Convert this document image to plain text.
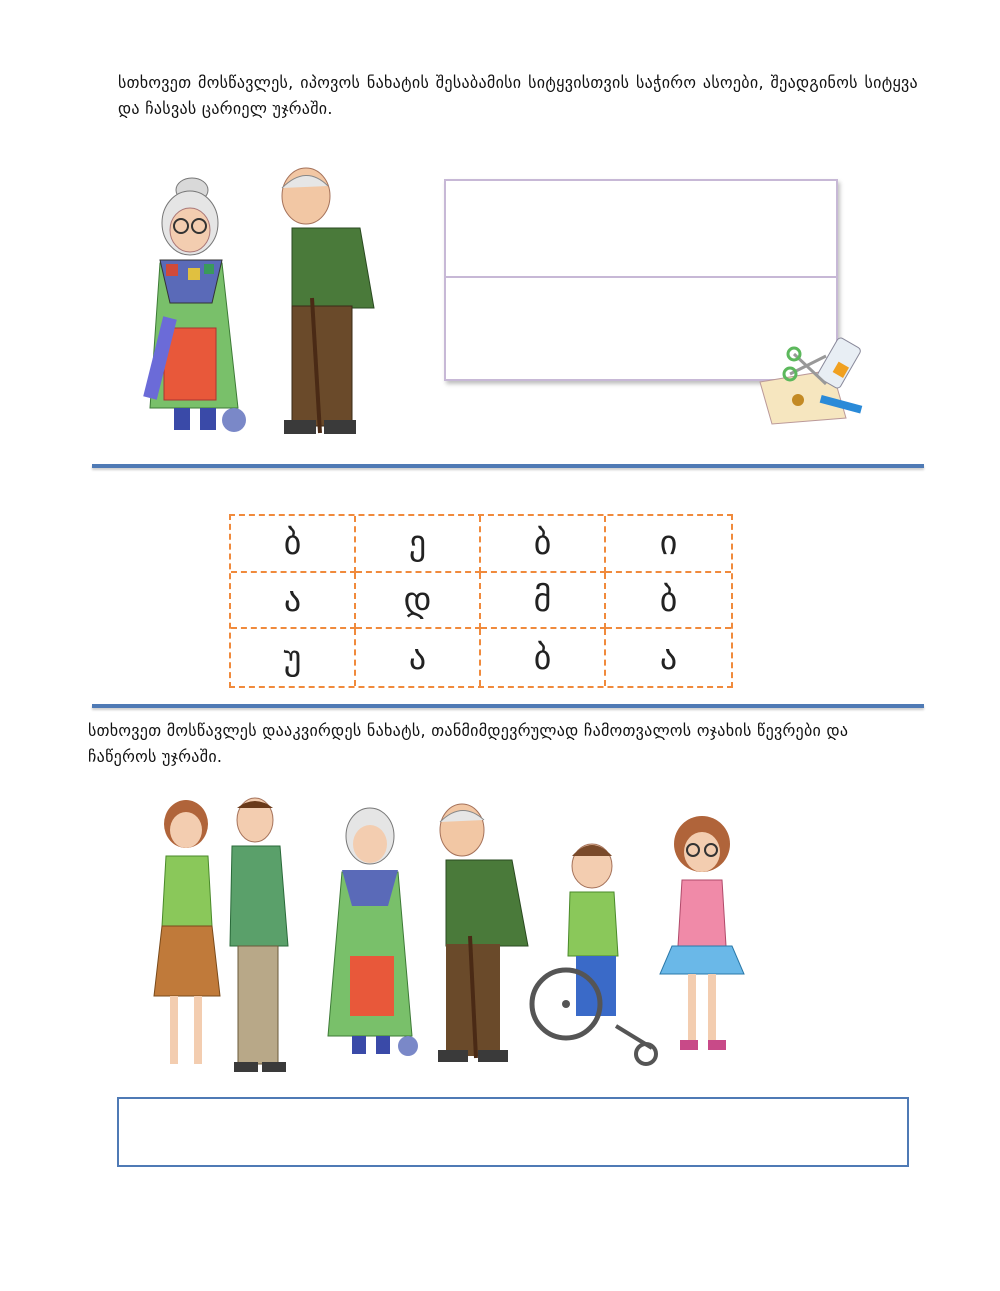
სთხოვეთ მოსწავლეს, იპოვოს ნახატის შესაბამისი სიტყვისთვის საჭირო ასოები, შეადგინოს სიტყვა და ჩასვას ცარიელ უჯრაში.
ბ	ე	ბ	ი
ა	დ	მ	ბ
უ	ა	ბ	ა
სთხოვეთ მოსწავლეს დააკვირდეს ნახატს, თანმიმდევრულად ჩამოთვალოს ოჯახის წევრები და ჩაწეროს უჯრაში.
